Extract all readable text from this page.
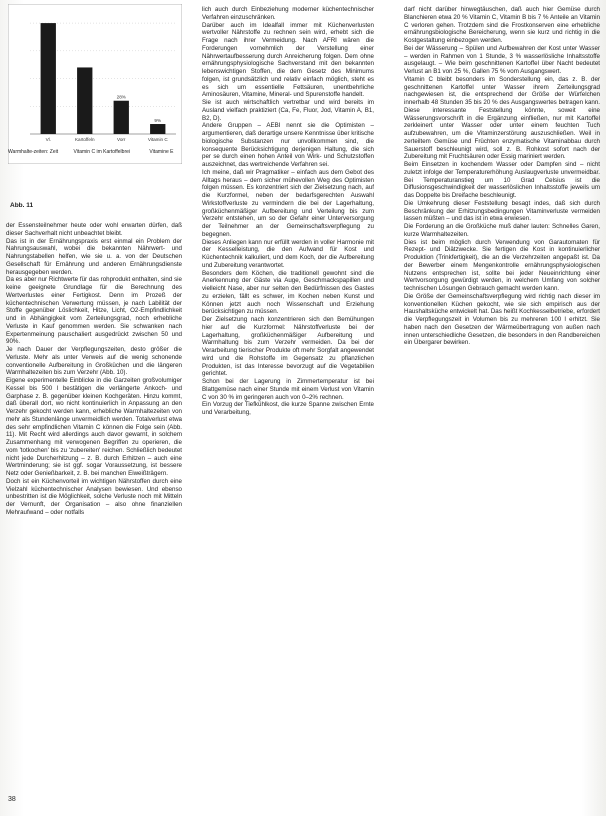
Vl.	Kartoffeln	Vorr
28%
Vitamin C
9%
Warmhalte-zeiten: Zeit	Vitamin C im Kartoffelbrei	Vitamine E
Abb. 11

der Essensteilnehmer heute oder wohl erwarten dürfen, daß dieser Sachverhalt nicht unbeachtet bleibt.

Das ist in der Ernährungspraxis erst einmal ein Problem der Nahrungsauswahl, wobei die bekannten Nährwert- und Nahrungstabellen helfen, wie sie u. a. von der Deutschen Gesellschaft für Ernährung und anderen Ernährungsdienste herausgegeben werden.

Da es aber nur Richtwerte für das rohprodukt enthalten, sind sie keine geeignete Grundlage für die Berechnung des Wertverlustes einer Fertigkost. Denn im Prozeß der küchentechnischen Verwertung müssen, je nach Labilität der Stoffe gegenüber Löslichkeit, Hitze, Licht, O2-Empfindlichkeit und in Abhängigkeit vom Zerteilungsgrad, noch erhebliche Verluste in Kauf genommen werden. Sie schwanken nach Expertenmeinung pauschaliert ausgedrückt zwischen 50 und 90%.

Je nach Dauer der Verpflegungszeiten, desto größer die Verluste. Mehr als unter Verweis auf die wenig schonende conventionelle Aufbereitung in Großküchen und die längeren Warmhaltezeiten bis zum Verzehr (Abb. 10).

Eigene experimentelle Einblicke in die Garzeiten großvolumiger Kessel bis 500 l bestätigen die verlängerte Ankoch- und Garphase z. B. gegenüber kleinen Kochgeräten. Hinzu kommt, daß überall dort, wo nicht kontinuierlich in Anpassung an den Verzehr gekocht werden kann, erhebliche Warmhaltezeiten von mehr als Stundenlänge unvermeidlich werden. Totalverlust etwa des sehr empfindlichen Vitamin C können die Folge sein (Abb. 11). Mit Recht wird allerdings auch davor gewarnt, in solchem Zusammenhang mit verwogenen Begriffen zu operieren, die vom 'totkochen' bis zu 'zubereiten' reichen. Schließlich bedeutet nicht jede Durcherhitzung – z. B. durch Erhitzen – auch eine Wertminderung; sie ist ggf. sogar Voraussetzung, ist bessere Netz oder Genießbarkeit, z. B. bei manchen Eiweißträgern.

Doch ist ein Küchenvorteil im wichtigen Nährstoffen durch eine Vielzahl küchentechnischer Analysen bewiesen. Und ebenso unbestritten ist die Möglichkeit, solche Verluste noch mit Mitteln der Vernunft, der Organisation – also ohne finanziellen Mehraufwand – oder notfalls

lich auch durch Einbeziehung moderner küchentechnischer Verfahren einzuschränken.

Darüber auch im Idealfall immer mit Küchenverlusten wertvoller Nährstoffe zu rechnen sein wird, erhebt sich die Frage nach ihrer Vermeidung. Nach AFRI wären die Forderungen vornehmlich der Verstellung einer Nährwertaufbesserung durch Anreicherung folgen. Dem ohne ernährungsphysiologische Sachverstand mit den bekannten lebenswichtigen Stoffen, die dem Gesetz des Minimums folgen, ist grundsätzlich und relativ einfach möglich, steht es es sich um essentielle Fettsäuren, unentbehrliche Aminosäuren, Vitamine, Mineral- und Spurenstoffe handelt.

Sie ist auch wirtschaftlich vertretbar und wird bereits im Ausland vielfach praktiziert (Ca, Fe, Fluor, Jod, Vitamin A, B1, B2, D).

Andere Gruppen – AEBI nennt sie die Optimisten – argumentieren, daß derartige unsere Kenntnisse über kritische biologische Substanzen nur unvollkommen sind, die konsequente Berücksichtigung derjenigen Haltung, die sich per se durch einen hohen Anteil von Wirk- und Schutzstoffen auszeichnet, das wertreichende Verfahren sei.

Ich meine, daß wir Pragmatiker – einfach aus dem Gebot des Alltags heraus – dem sicher mühevollen Weg des Optimisten folgen müssen. Es konzentriert sich der Zielsetzung nach, auf die Kurzformel, neben der bedarfsgerechten Auswahl Wirkstoffverluste zu vermindern die bei der Lagerhaltung, großküchenmäßiger Aufbereitung und Verteilung bis zum Verzehr entstehen, um so der Gefahr einer Unterversorgung der Teilnehmer an der Gemeinschaftsverpflegung zu begegnen.

Dieses Anliegen kann nur erfüllt werden in voller Harmonie mit der Kesselleistung, die den Aufwand für Kost und Küchentechnik kalkuliert, und dem Koch, der die Aufbereitung und Zubereitung verantwortet.

Besonders dem Köchen, die traditionell gewohnt sind die Anerkennung der Gäste via Auge, Geschmackspapillen und vielleicht Nase, aber nur selten den Bedürfnissen des Gastes zu erzielen, fällt es schwer, im Kochen neben Kunst und Können jetzt auch noch Wissenschaft und Erziehung berücksichtigen zu müssen.

Der Zielsetzung nach konzentrieren sich den Bemühungen hier auf die Kurzformel: Nährstoffverluste bei der Lagerhaltung, großküchenmäßiger Aufbereitung und Warmhaltung bis zum Verzehr vermeiden. Da bei der Verarbeitung tierischer Produkte oft mehr Sorgfalt angewendet wird und die Rohstoffe im Gegensatz zu pflanzlichen Produkten, ist das Interesse bevorzugt auf die Vegetabilien gerichtet.

Schon bei der Lagerung in Zimmertemperatur ist bei Blattgemüse nach einer Stunde mit einem Verlust von Vitamin C von 30 % im geringeren auch von 0–2% rechnen.

Ein Vorzug der Tiefkühlkost, die kurze Spanne zwischen Ernte und Verarbeitung,

darf nicht darüber hinwegtäuschen, daß auch hier Gemüse durch Blanchieren etwa 20 % Vitamin C, Vitamin B bis 7 % Anteile an Vitamin C verloren gehen. Trotzdem sind die Frostkonserven eine erhebliche ernährungsbiologische Bereicherung, wenn sie kurz und richtig in die Kostgestaltung einbezogen werden.

Bei der Wässerung – Spülen und Aufbewahren der Kost unter Wasser – werden in Rahmen von 1 Stunde, 3 % wasserlösliche Inhaltsstoffe ausgelaugt. – Wie beim geschnittenen Kartoffel über Nacht bedeutet Verlust an B1 von 25 %, Gallen 75 % vom Ausgangswert.

Vitamin C bleibt besonders im Sonderstellung ein, das z. B. der geschnittenen Kartoffel unter Wasser ihrem Zerteilungsgrad nachgewiesen ist, die entsprechend der Größe der Würfelchen innerhalb 48 Stunden 35 bis 20 % des Ausgangswertes betragen kann. Diese interessante Feststellung könnte, soweit eine Wässerungsvorschrift in die Ergänzung einfließen, nur mit Kartoffel zerkleinert unter Wasser oder unter einem feuchten Tuch aufzubewahren, um die Vitaminzerstörung auszuschließen. Weil in zerteiltem Gemüse und Früchten enzymatische Vitaminabbau durch Sauerstoff beschleunigt wird, soll z. B. Rohkost sofort nach der Zubereitung mit Fruchtsäuren oder Essig mariniert werden.

Beim Einsetzen in kochendem Wasser oder Dampfen sind – nicht zuletzt infolge der Temperaturerhöhung Auslaugverluste unvermeidbar. Bei Temperaturanstieg um 10 Grad Celsius ist die Diffusionsgeschwindigkeit der wasserlöslichen Inhaltsstoffe jeweils um das Doppelte bis Dreifache beschleunigt.

Die Umkehrung dieser Feststellung besagt indes, daß sich durch Beschränkung der Erhitzungsbedingungen Vitaminverluste vermeiden lassen müßten – und das ist in etwa erwiesen.

Die Forderung an die Großküche muß daher lauten: Schnelles Garen, kurze Warmhaltezeiten.

Dies ist beim möglich durch Verwendung von Garautomaten für Rezept- und Diätzwecke. Sie fertigen die Kost in kontinuierlicher Produktion (Trinkfertigkeit), die an die Verzehrzeiten angepaßt ist. Da der Bewerber einem Mengenkontrolle ernährungsphysiologischen Nutzens entsprechen ist, sollte bei jeder Neueinrichtung einer Wertvorsorgung gewürdigt werden, in welchem Umfang von solcher technischen Lösungen Gebrauch gemacht werden kann.

Die Größe der Gemeinschaftsverpflegung wird richtig nach dieser im konventionellen Küchen gekocht, wie sie sich empirisch aus der Haushaltsküche entwickelt hat. Das heißt Kochkesselbetriebe, erfordert die Verpflegungszeit in Volumen bis zu mehreren 100 l erhitzt. Sie haben nach den Gesetzen der Wärmeübertragung von außen nach innen unterschiedliche Gesetzen, die besonders in den Randbereichen ein Übergarer bewirken.

38
